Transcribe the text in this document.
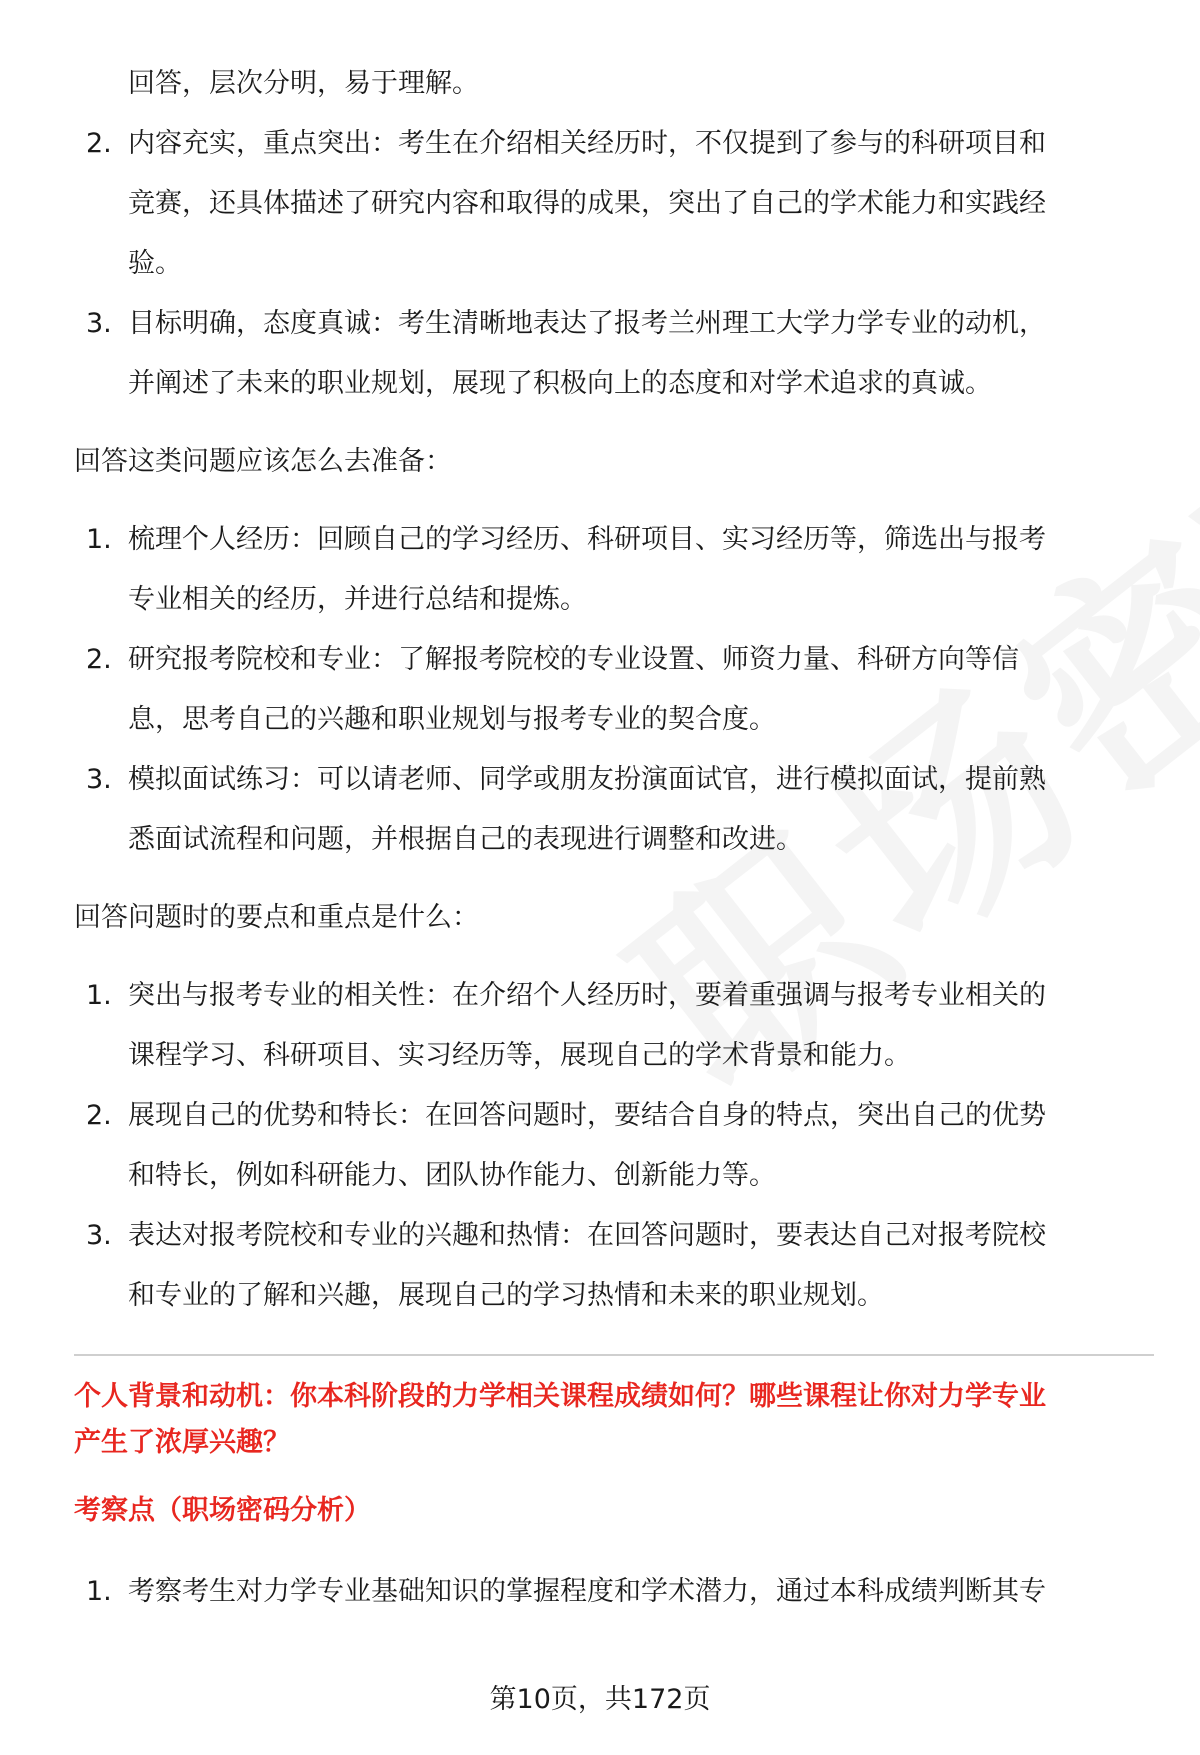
回答，层次分明，易于理解。

2. 内容充实，重点突出：考生在介绍相关经历时，不仅提到了参与的科研项目和
竞赛，还具体描述了研究内容和取得的成果，突出了自己的学术能力和实践经
验。
3. 目标明确，态度真诚：考生清晰地表达了报考兰州理工大学力学专业的动机，
并阐述了未来的职业规划，展现了积极向上的态度和对学术追求的真诚。

回答这类问题应该怎么去准备：

1. 梳理个人经历：回顾自己的学习经历、科研项目、实习经历等，筛选出与报考
专业相关的经历，并进行总结和提炼。
2. 研究报考院校和专业：了解报考院校的专业设置、师资力量、科研方向等信
息，思考自己的兴趣和职业规划与报考专业的契合度。
3. 模拟面试练习：可以请老师、同学或朋友扮演面试官，进行模拟面试，提前熟
悉面试流程和问题，并根据自己的表现进行调整和改进。

回答问题时的要点和重点是什么：

1. 突出与报考专业的相关性：在介绍个人经历时，要着重强调与报考专业相关的
课程学习、科研项目、实习经历等，展现自己的学术背景和能力。
2. 展现自己的优势和特长：在回答问题时，要结合自身的特点，突出自己的优势
和特长，例如科研能力、团队协作能力、创新能力等。
3. 表达对报考院校和专业的兴趣和热情：在回答问题时，要表达自己对报考院校
和专业的了解和兴趣，展现自己的学习热情和未来的职业规划。

个人背景和动机：你本科阶段的力学相关课程成绩如何？哪些课程让你对力学专业
产生了浓厚兴趣？

考察点（职场密码分析）

1. 考察考生对力学专业基础知识的掌握程度和学术潜力，通过本科成绩判断其专
第10页，共172页
